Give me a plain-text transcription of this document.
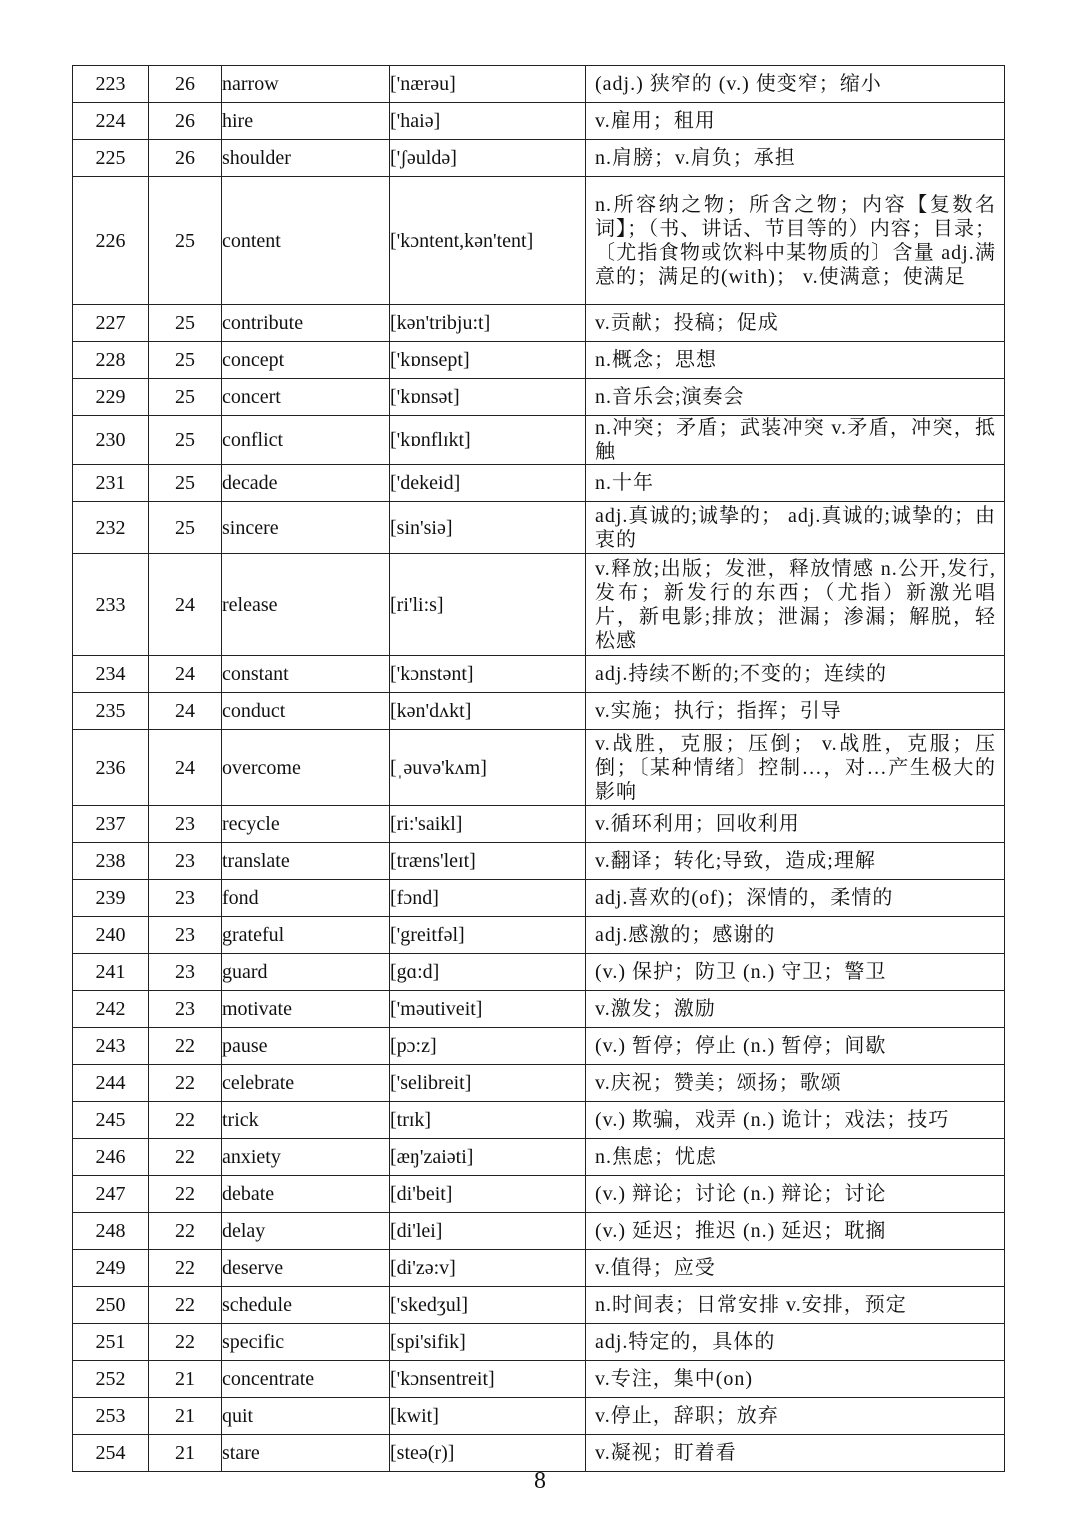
223	26	narrow	['nærəu]	(adj.) 狭窄的 (v.) 使变窄；缩小
224	26	hire	['haiə]	v.雇用；租用
225	26	shoulder	['ʃəuldə]	n.肩膀；v.肩负；承担
226	25	content	['kɔntent,kən'tent]	n.所容纳之物；所含之物；内容【复数名词】；（书、讲话、节目等的）内容；目录；〔尤指食物或饮料中某物质的〕含量 adj.满意的；满足的(with)； v.使满意；使满足
227	25	contribute	[kən'tribju:t]	v.贡献；投稿；促成
228	25	concept	['kɒnsept]	n.概念；思想
229	25	concert	['kɒnsət]	n.音乐会;演奏会
230	25	conflict	['kɒnflɪkt]	n.冲突；矛盾；武装冲突 v.矛盾，冲突，抵触
231	25	decade	['dekeid]	n.十年
232	25	sincere	[sin'siə]	adj.真诚的;诚挚的； adj.真诚的;诚挚的；由衷的
233	24	release	[ri'li:s]	v.释放;出版；发泄，释放情感 n.公开,发行,发布；新发行的东西；（尤指）新激光唱片，新电影;排放；泄漏；渗漏；解脱，轻松感
234	24	constant	['kɔnstənt]	adj.持续不断的;不变的；连续的
235	24	conduct	[kən'dʌkt]	v.实施；执行；指挥；引导
236	24	overcome	[ˌəuvə'kʌm]	v.战胜，克服；压倒； v.战胜，克服；压倒；〔某种情绪〕控制…，对…产生极大的影响
237	23	recycle	[ri:'saikl]	v.循环利用；回收利用
238	23	translate	[træns'leɪt]	v.翻译；转化;导致，造成;理解
239	23	fond	[fɔnd]	adj.喜欢的(of)；深情的，柔情的
240	23	grateful	['greitfəl]	adj.感激的；感谢的
241	23	guard	[gɑ:d]	(v.) 保护；防卫 (n.) 守卫；警卫
242	23	motivate	['məutiveit]	v.激发；激励
243	22	pause	[pɔ:z]	(v.) 暂停；停止 (n.) 暂停；间歇
244	22	celebrate	['selibreit]	v.庆祝；赞美；颂扬；歌颂
245	22	trick	[trɪk]	(v.) 欺骗，戏弄 (n.) 诡计；戏法；技巧
246	22	anxiety	[æŋ'zaiəti]	n.焦虑；忧虑
247	22	debate	[di'beit]	(v.) 辩论；讨论 (n.) 辩论；讨论
248	22	delay	[di'lei]	(v.) 延迟；推迟 (n.) 延迟；耽搁
249	22	deserve	[di'zə:v]	v.值得；应受
250	22	schedule	['skedʒul]	n.时间表；日常安排 v.安排，预定
251	22	specific	[spi'sifik]	adj.特定的，具体的
252	21	concentrate	['kɔnsentreit]	v.专注，集中(on)
253	21	quit	[kwit]	v.停止，辞职；放弃
254	21	stare	[steə(r)]	v.凝视；盯着看
8
